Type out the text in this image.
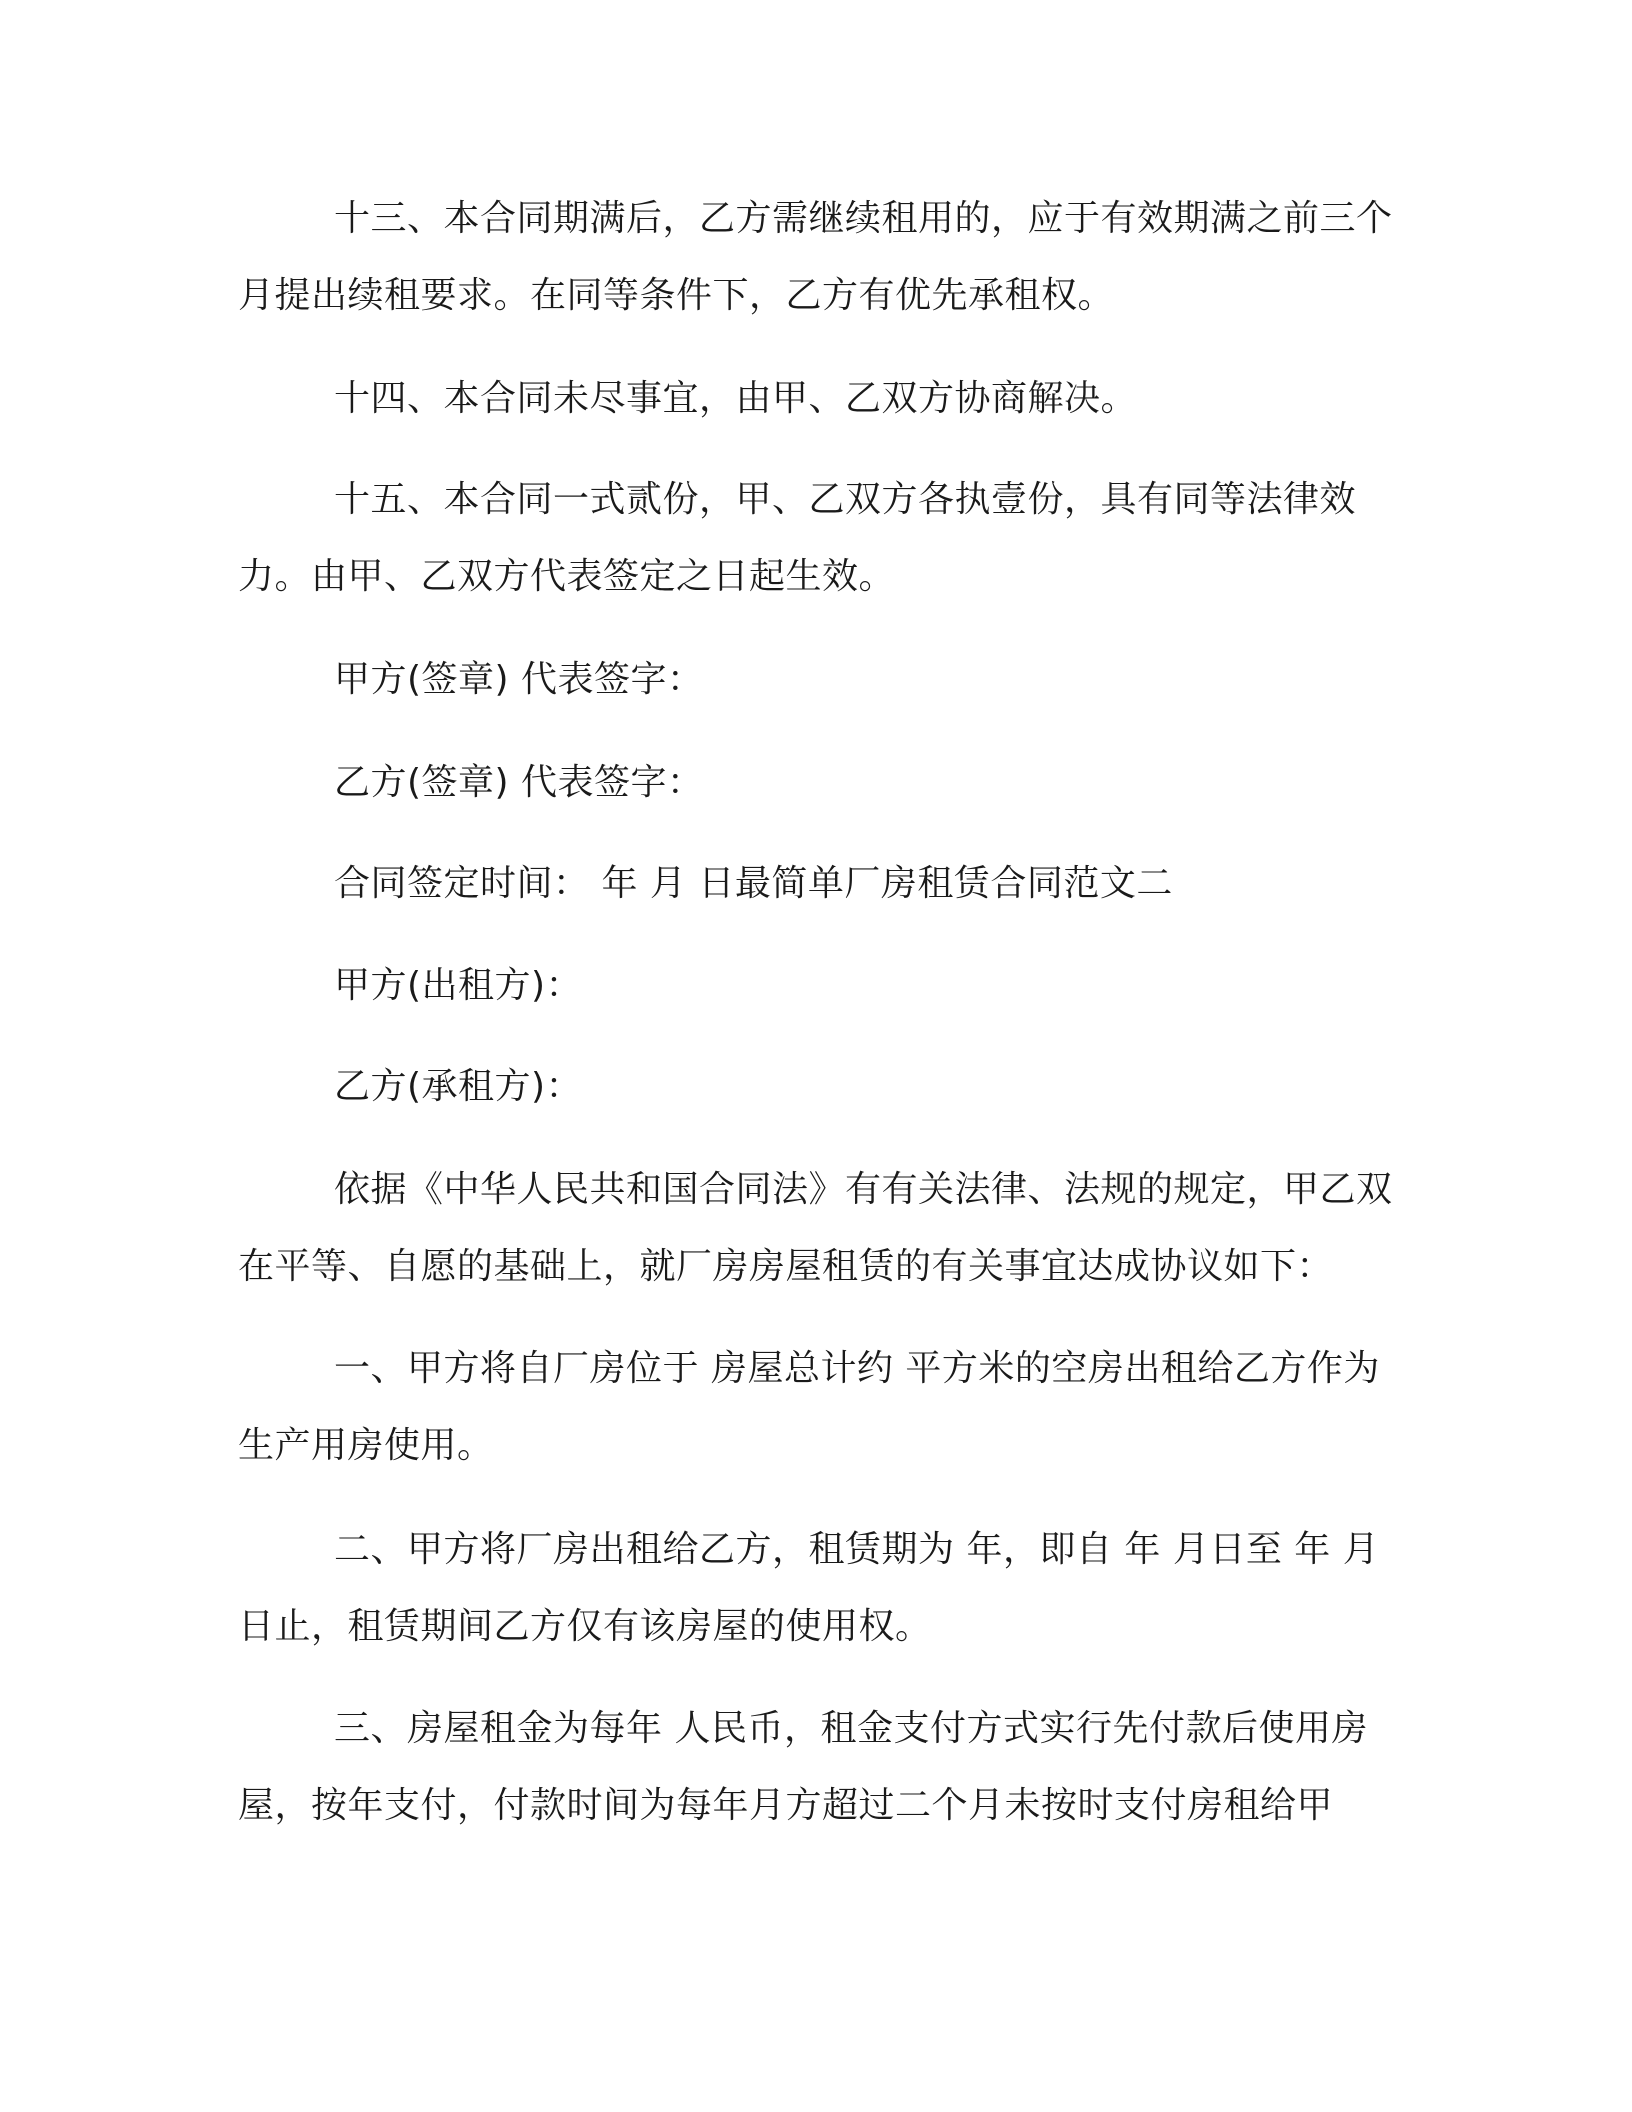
十三、本合同期满后，乙方需继续租用的，应于有效期满之前三个月提出续租要求。在同等条件下，乙方有优先承租权。

十四、本合同未尽事宜，由甲、乙双方协商解决。

十五、本合同一式贰份，甲、乙双方各执壹份，具有同等法律效力。由甲、乙双方代表签定之日起生效。

甲方(签章) 代表签字：

乙方(签章) 代表签字：

合同签定时间： 年 月 日最简单厂房租赁合同范文二

甲方(出租方)：

乙方(承租方)：

依据《中华人民共和国合同法》有有关法律、法规的规定，甲乙双在平等、自愿的基础上，就厂房房屋租赁的有关事宜达成协议如下：

一、甲方将自厂房位于 房屋总计约 平方米的空房出租给乙方作为生产用房使用。

二、甲方将厂房出租给乙方，租赁期为 年，即自 年 月日至 年 月日止，租赁期间乙方仅有该房屋的使用权。

三、房屋租金为每年 人民币，租金支付方式实行先付款后使用房屋，按年支付，付款时间为每年月方超过二个月未按时支付房租给甲
